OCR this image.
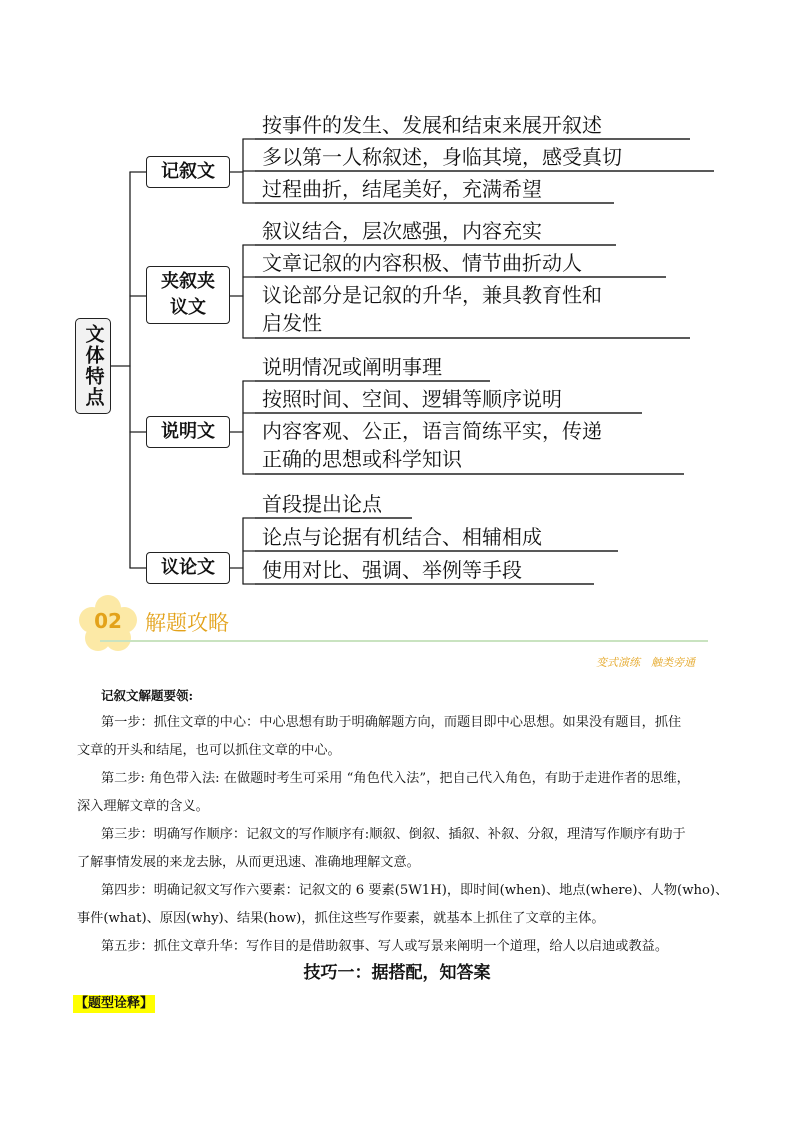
文体特点
记叙文
夹叙夹议文
说明文
议论文
按事件的发生、发展和结束来展开叙述
多以第一人称叙述，身临其境，感受真切
过程曲折，结尾美好，充满希望
叙议结合，层次感强，内容充实
文章记叙的内容积极、情节曲折动人
议论部分是记叙的升华，兼具教育性和
启发性
说明情况或阐明事理
按照时间、空间、逻辑等顺序说明
内容客观、公正，语言简练平实，传递
正确的思想或科学知识
首段提出论点
论点与论据有机结合、相辅相成
使用对比、强调、举例等手段
02	解题攻略
变式演练　触类旁通
记叙文解题要领:
第一步：抓住文章的中心：中心思想有助于明确解题方向，而题目即中心思想。如果没有题目，抓住
文章的开头和结尾，也可以抓住文章的中心。
第二步: 角色带入法: 在做题时考生可采用 “角色代入法”，把自己代入角色，有助于走进作者的思维，
深入理解文章的含义。
第三步：明确写作顺序：记叙文的写作顺序有:顺叙、倒叙、插叙、补叙、分叙，理清写作顺序有助于
了解事情发展的来龙去脉，从而更迅速、准确地理解文意。
第四步：明确记叙文写作六要素：记叙文的 6 要素(5W1H)，即时间(when)、地点(where)、人物(who)、
事件(what)、原因(why)、结果(how)，抓住这些写作要素，就基本上抓住了文章的主体。
第五步：抓住文章升华：写作目的是借助叙事、写人或写景来阐明一个道理，给人以启迪或教益。
技巧一：据搭配，知答案
【题型诠释】
